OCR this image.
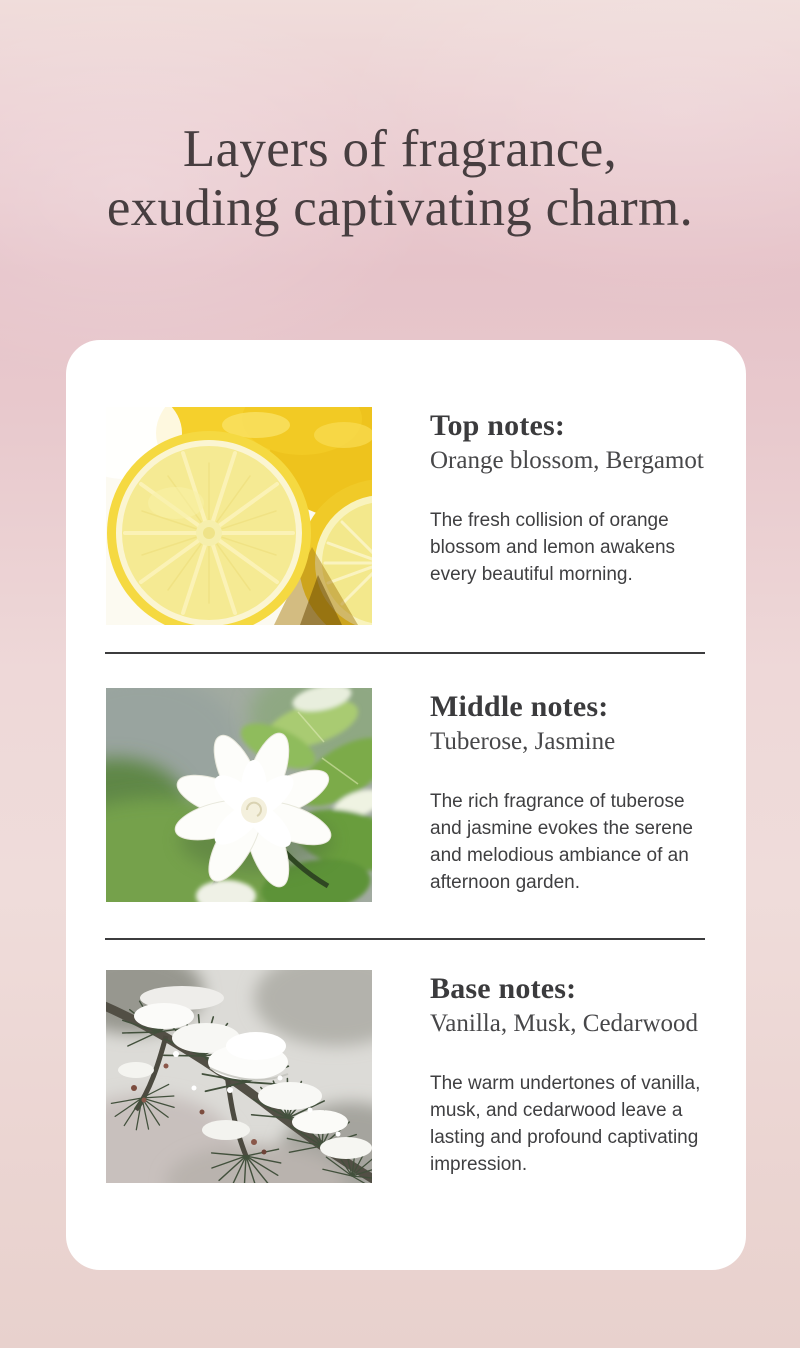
Layers of fragrance,
exuding captivating charm.
Top notes:
Orange blossom, Bergamot

The fresh collision of orange blossom and lemon awakens every beautiful morning.

Middle notes:
Tuberose, Jasmine

The rich fragrance of tuberose and jasmine evokes the serene and melodious ambiance of an afternoon garden.

Base notes:
Vanilla, Musk, Cedarwood

The warm undertones of vanilla, musk, and cedarwood leave a lasting and profound captivating impression.
